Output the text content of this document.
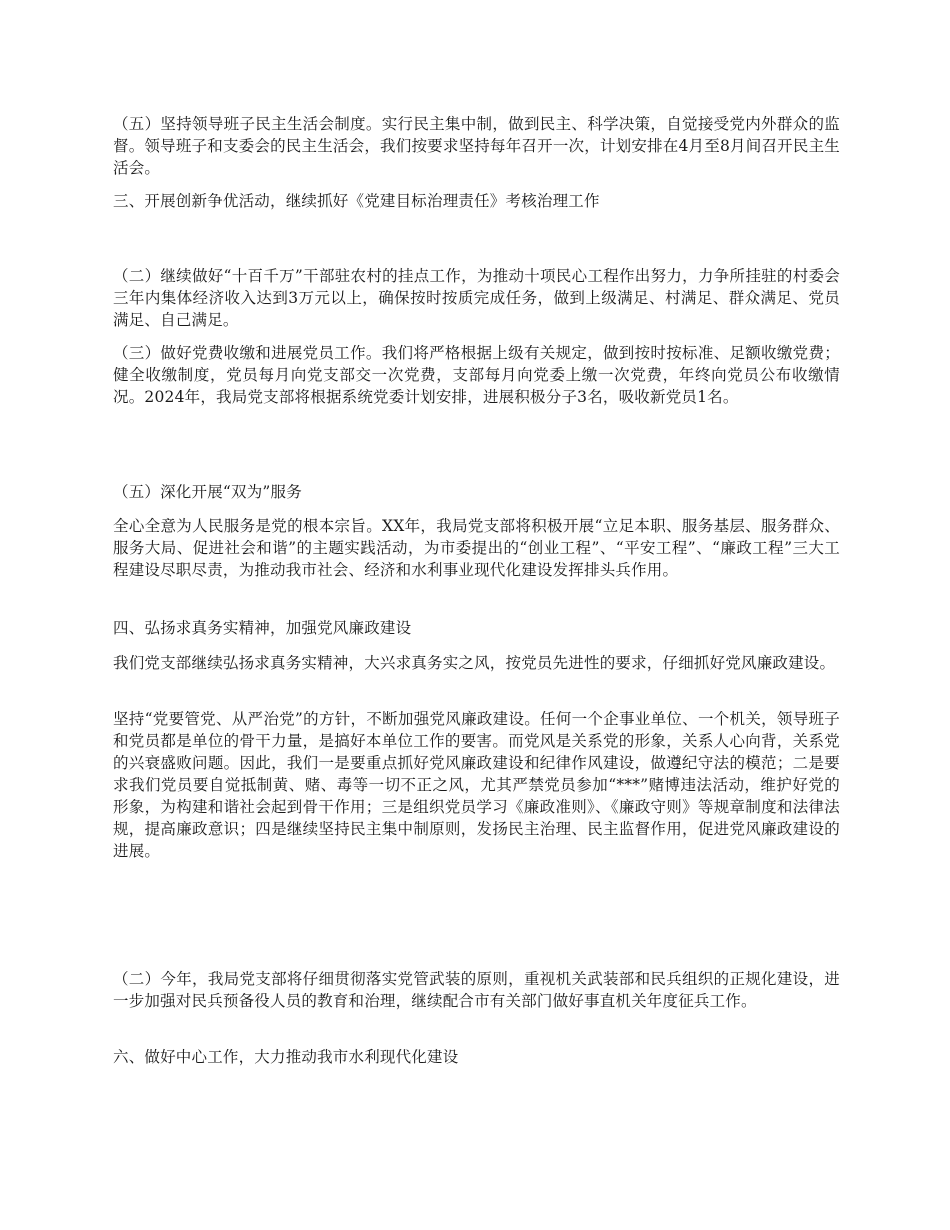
（五）坚持领导班子民主生活会制度。实行民主集中制，做到民主、科学决策，自觉接受党内外群众的监督。领导班子和支委会的民主生活会，我们按要求坚持每年召开一次，计划安排在4月至8月间召开民主生活会。

三、开展创新争优活动，继续抓好《党建目标治理责任》考核治理工作

（二）继续做好“十百千万”干部驻农村的挂点工作，为推动十项民心工程作出努力，力争所挂驻的村委会三年内集体经济收入达到3万元以上，确保按时按质完成任务，做到上级满足、村满足、群众满足、党员满足、自己满足。

（三）做好党费收缴和进展党员工作。我们将严格根据上级有关规定，做到按时按标准、足额收缴党费；健全收缴制度，党员每月向党支部交一次党费，支部每月向党委上缴一次党费，年终向党员公布收缴情况。2024年，我局党支部将根据系统党委计划安排，进展积极分子3名，吸收新党员1名。

（五）深化开展“双为”服务

全心全意为人民服务是党的根本宗旨。XX年，我局党支部将积极开展“立足本职、服务基层、服务群众、服务大局、促进社会和谐”的主题实践活动，为市委提出的“创业工程”、“平安工程”、“廉政工程”三大工程建设尽职尽责，为推动我市社会、经济和水利事业现代化建设发挥排头兵作用。

四、弘扬求真务实精神，加强党风廉政建设

我们党支部继续弘扬求真务实精神，大兴求真务实之风，按党员先进性的要求，仔细抓好党风廉政建设。

坚持“党要管党、从严治党”的方针，不断加强党风廉政建设。任何一个企事业单位、一个机关，领导班子和党员都是单位的骨干力量，是搞好本单位工作的要害。而党风是关系党的形象，关系人心向背，关系党的兴衰盛败问题。因此，我们一是要重点抓好党风廉政建设和纪律作风建设，做遵纪守法的模范；二是要求我们党员要自觉抵制黄、赌、毒等一切不正之风，尤其严禁党员参加“***”赌博违法活动，维护好党的形象，为构建和谐社会起到骨干作用；三是组织党员学习《廉政准则》、《廉政守则》等规章制度和法律法规，提高廉政意识；四是继续坚持民主集中制原则，发扬民主治理、民主监督作用，促进党风廉政建设的进展。

（二）今年，我局党支部将仔细贯彻落实党管武装的原则，重视机关武装部和民兵组织的正规化建设，进一步加强对民兵预备役人员的教育和治理，继续配合市有关部门做好事直机关年度征兵工作。

六、做好中心工作，大力推动我市水利现代化建设
